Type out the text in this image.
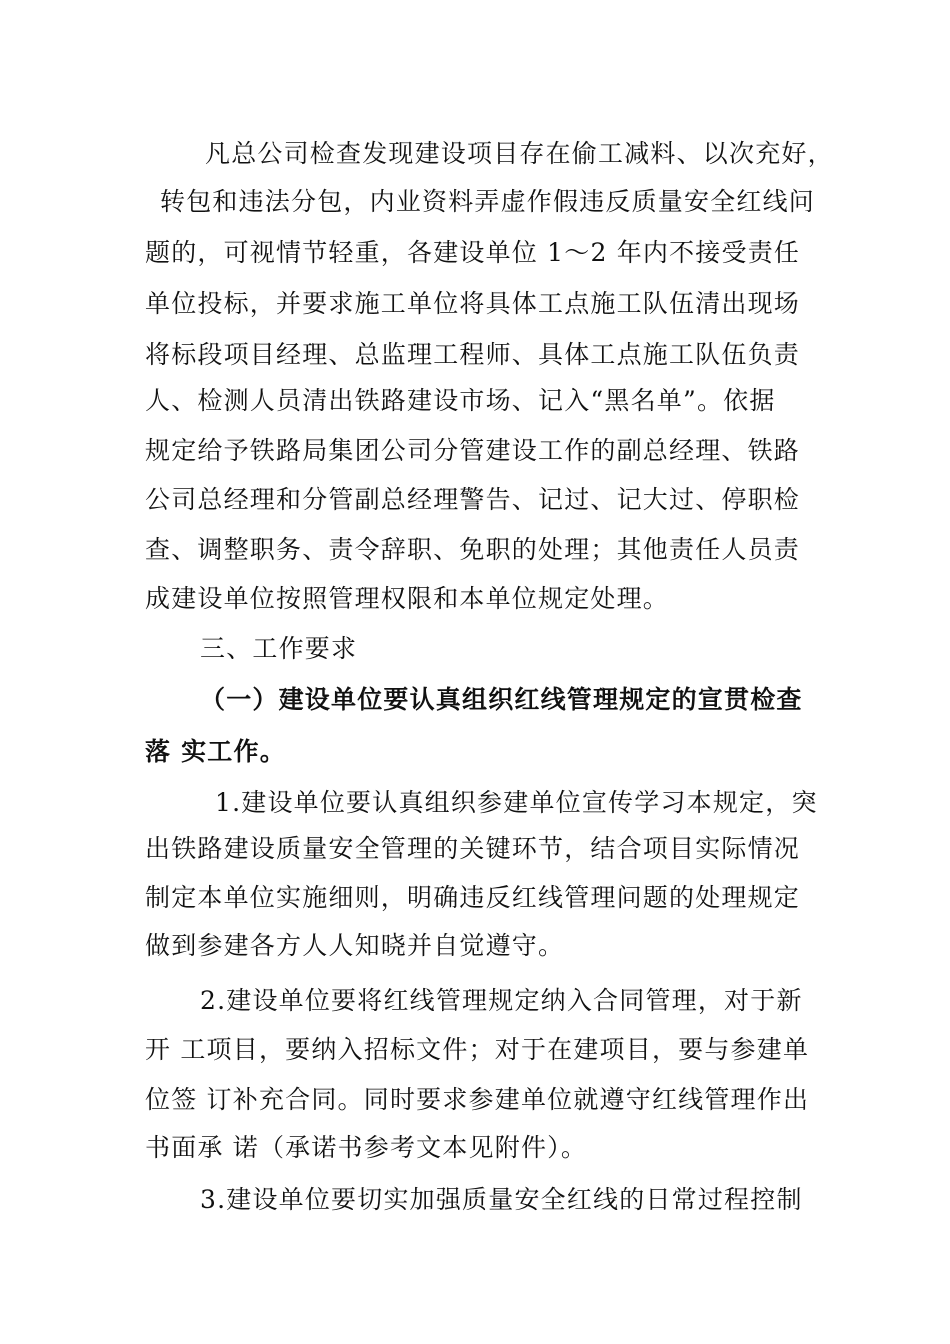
凡总公司检查发现建设项目存在偷工减料、以次充好，
转包和违法分包，内业资料弄虚作假违反质量安全红线问
题的，可视情节轻重，各建设单位 1～2 年内不接受责任
单位投标，并要求施工单位将具体工点施工队伍清出现场
将标段项目经理、总监理工程师、具体工点施工队伍负责
人、检测人员清出铁路建设市场、记入“黑名单”。依据
规定给予铁路局集团公司分管建设工作的副总经理、铁路
公司总经理和分管副总经理警告、记过、记大过、停职检
查、调整职务、责令辞职、免职的处理；其他责任人员责
成建设单位按照管理权限和本单位规定处理。
三、工作要求
（一）建设单位要认真组织红线管理规定的宣贯检查
落 实工作。
1.建设单位要认真组织参建单位宣传学习本规定，突
出铁路建设质量安全管理的关键环节，结合项目实际情况
制定本单位实施细则，明确违反红线管理问题的处理规定
做到参建各方人人知晓并自觉遵守。
2.建设单位要将红线管理规定纳入合同管理，对于新
开 工项目，要纳入招标文件；对于在建项目，要与参建单
位签 订补充合同。同时要求参建单位就遵守红线管理作出
书面承 诺（承诺书参考文本见附件）。
3.建设单位要切实加强质量安全红线的日常过程控制
